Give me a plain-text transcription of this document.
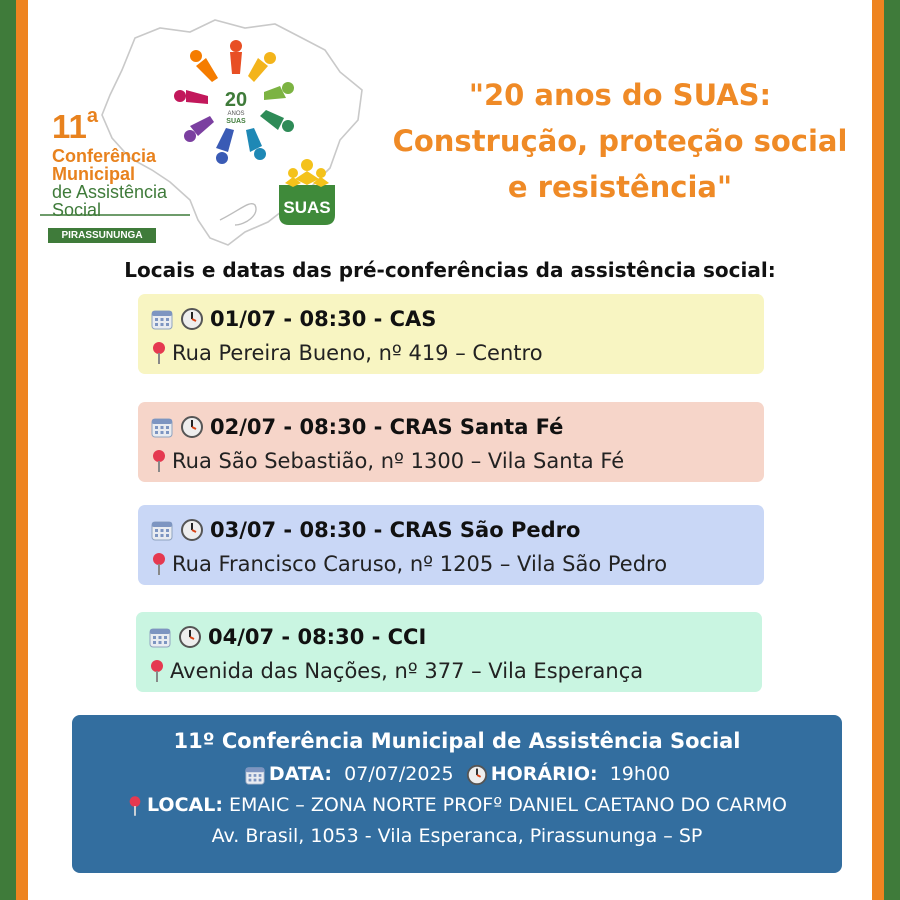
20
ANOS
SUAS
SUAS
11$^a$
Conferência
Municipal
de Assistência
Social
PIRASSUNUNGA
"20 anos do SUAS:
Construção, proteção social
e resistência"
Locais e datas das pré-conferências da assistência social:
01/07 - 08:30 - CAS
Rua Pereira Bueno, nº 419 – Centro
02/07 - 08:30 - CRAS Santa Fé
Rua São Sebastião, nº 1300 – Vila Santa Fé
03/07 - 08:30 - CRAS São Pedro
Rua Francisco Caruso, nº 1205 – Vila São Pedro
04/07 - 08:30 - CCI
Avenida das Nações, nº 377 – Vila Esperança
11º Conferência Municipal de Assistência Social
DATA:
07/07/2025
HORÁRIO:
19h00
LOCAL:
EMAIC – ZONA NORTE PROFº DANIEL CAETANO DO CARMO
Av. Brasil, 1053 - Vila Esperanca, Pirassununga – SP
